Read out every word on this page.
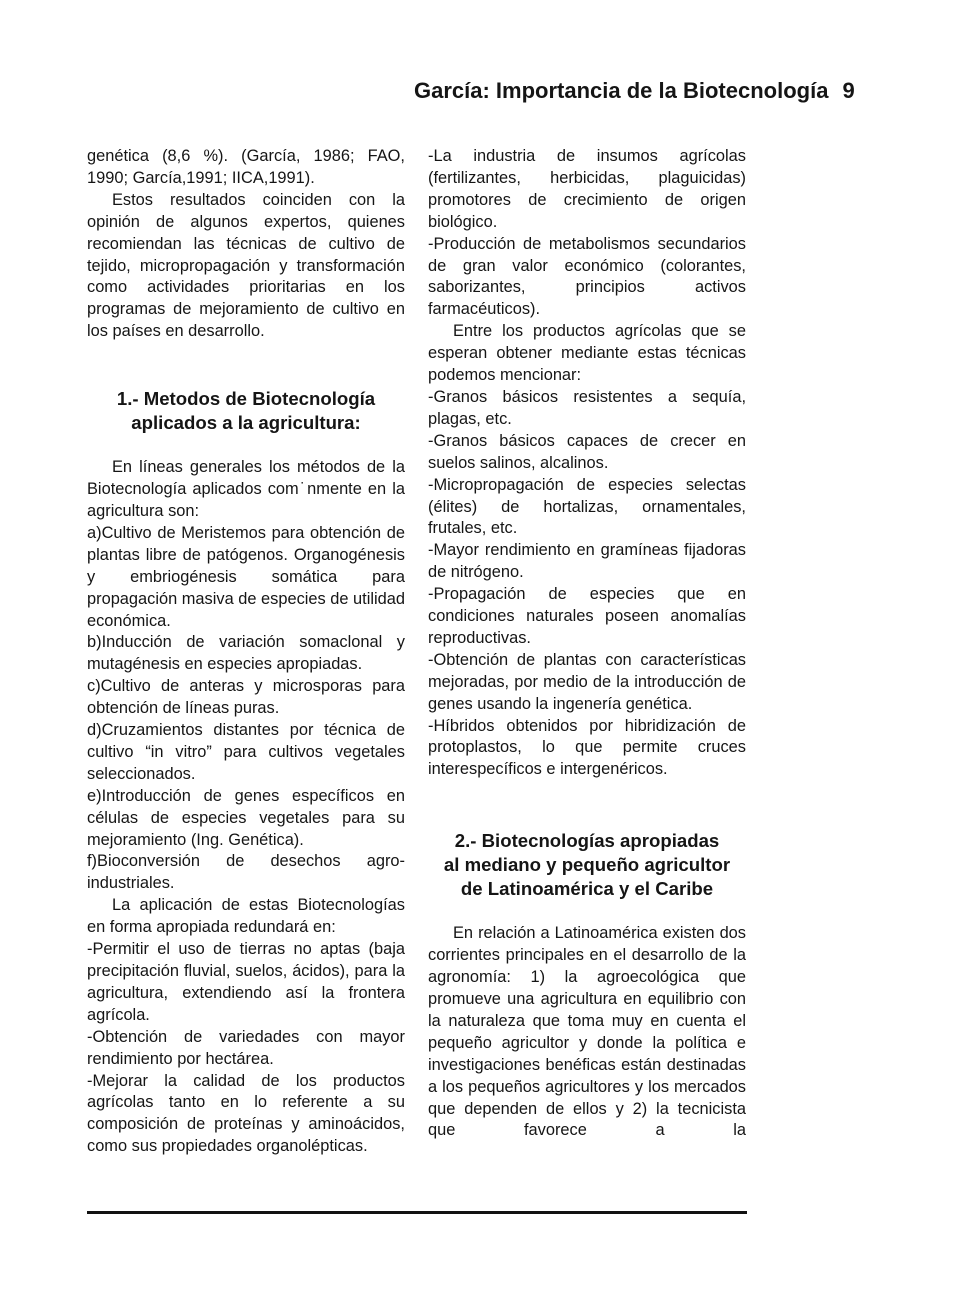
García: Importancia de la Biotecnología 9

genética (8,6 %). (García, 1986; FAO, 1990; García,1991; IICA,1991).

Estos resultados coinciden con la opinión de algunos expertos, quienes recomiendan las técnicas de cultivo de tejido, micropropagación y transformación como actividades prioritarias en los programas de mejoramiento de cultivo en los países en desarrollo.

1.- Metodos de Biotecnología
aplicados a la agricultura:

En líneas generales los métodos de la Biotecnología aplicados com˙nmente en la agricultura son:

a)Cultivo de Meristemos para obtención de plantas libre de patógenos. Organogénesis y embriogénesis somática para propagación masiva de especies de utilidad económica.

b)Inducción de variación somaclonal y mutagénesis en especies apropiadas.

c)Cultivo de anteras y microsporas para obtención de líneas puras.

d)Cruzamientos distantes por técnica de cultivo “in vitro” para cultivos vegetales seleccionados.

e)Introducción de genes específicos en células de especies vegetales para su mejoramiento (Ing. Genética).

f)Bioconversión de desechos agro-industriales.

La aplicación de estas Biotecnologías en forma apropiada redundará en:

-Permitir el uso de tierras no aptas (baja precipitación fluvial, suelos, ácidos), para la agricultura, extendiendo así la frontera agrícola.

-Obtención de variedades con mayor rendimiento por hectárea.

-Mejorar la calidad de los productos agrícolas tanto en lo referente a su composición de proteínas y aminoácidos, como sus propiedades organolépticas.

-La industria de insumos agrícolas (fertilizantes, herbicidas, plaguicidas) promotores de crecimiento de origen biológico.

-Producción de metabolismos secundarios de gran valor económico (colorantes, saborizantes, principios activos farmacéuticos).

Entre los productos agrícolas que se esperan obtener mediante estas técnicas podemos mencionar:

-Granos básicos resistentes a sequía, plagas, etc.

-Granos básicos capaces de crecer en suelos salinos, alcalinos.

-Micropropagación de especies selectas (élites) de hortalizas, ornamentales, frutales, etc.

-Mayor rendimiento en gramíneas fijadoras de nitrógeno.

-Propagación de especies que en condiciones naturales poseen anomalías reproductivas.

-Obtención de plantas con características mejoradas, por medio de la introducción de genes usando la ingenería genética.

-Híbridos obtenidos por hibridización de protoplastos, lo que permite cruces interespecíficos e intergenéricos.

2.- Biotecnologías apropiadas
al mediano y pequeño agricultor
de Latinoamérica y el Caribe

En relación a Latinoamérica existen dos corrientes principales en el desarrollo de la agronomía: 1) la agroecológica que promueve una agricultura en equilibrio con la naturaleza que toma muy en cuenta el pequeño agricultor y donde la política e investigaciones benéficas están destinadas a los pequeños agricultores y los mercados que dependen de ellos y 2) la tecnicista que favorece a la
